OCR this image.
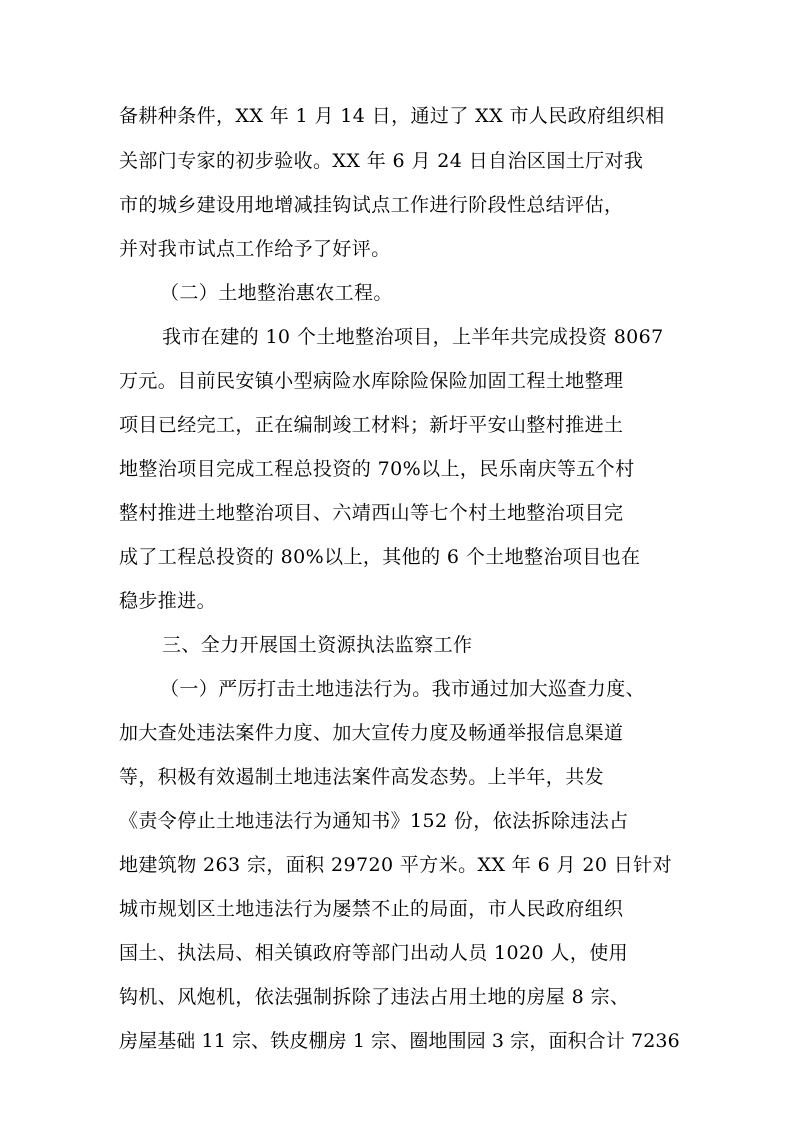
备耕种条件，XX 年 1 月 14 日，通过了 XX 市人民政府组织相
关部门专家的初步验收。XX 年 6 月 24 日自治区国土厅对我
市的城乡建设用地增减挂钩试点工作进行阶段性总结评估，
并对我市试点工作给予了好评。
（二）土地整治惠农工程。
我市在建的 10 个土地整治项目，上半年共完成投资 8067
万元。目前民安镇小型病险水库除险保险加固工程土地整理
项目已经完工，正在编制竣工材料；新圩平安山整村推进土
地整治项目完成工程总投资的 70%以上，民乐南庆等五个村
整村推进土地整治项目、六靖西山等七个村土地整治项目完
成了工程总投资的 80%以上，其他的 6 个土地整治项目也在
稳步推进。
三、全力开展国土资源执法监察工作
（一）严厉打击土地违法行为。我市通过加大巡查力度、
加大查处违法案件力度、加大宣传力度及畅通举报信息渠道
等，积极有效遏制土地违法案件高发态势。上半年，共发
《责令停止土地违法行为通知书》152 份，依法拆除违法占
地建筑物 263 宗，面积 29720 平方米。XX 年 6 月 20 日针对
城市规划区土地违法行为屡禁不止的局面，市人民政府组织
国土、执法局、相关镇政府等部门出动人员 1020 人，使用
钩机、风炮机，依法强制拆除了违法占用土地的房屋 8 宗、
房屋基础 11 宗、铁皮棚房 1 宗、圈地围园 3 宗，面积合计 7236
